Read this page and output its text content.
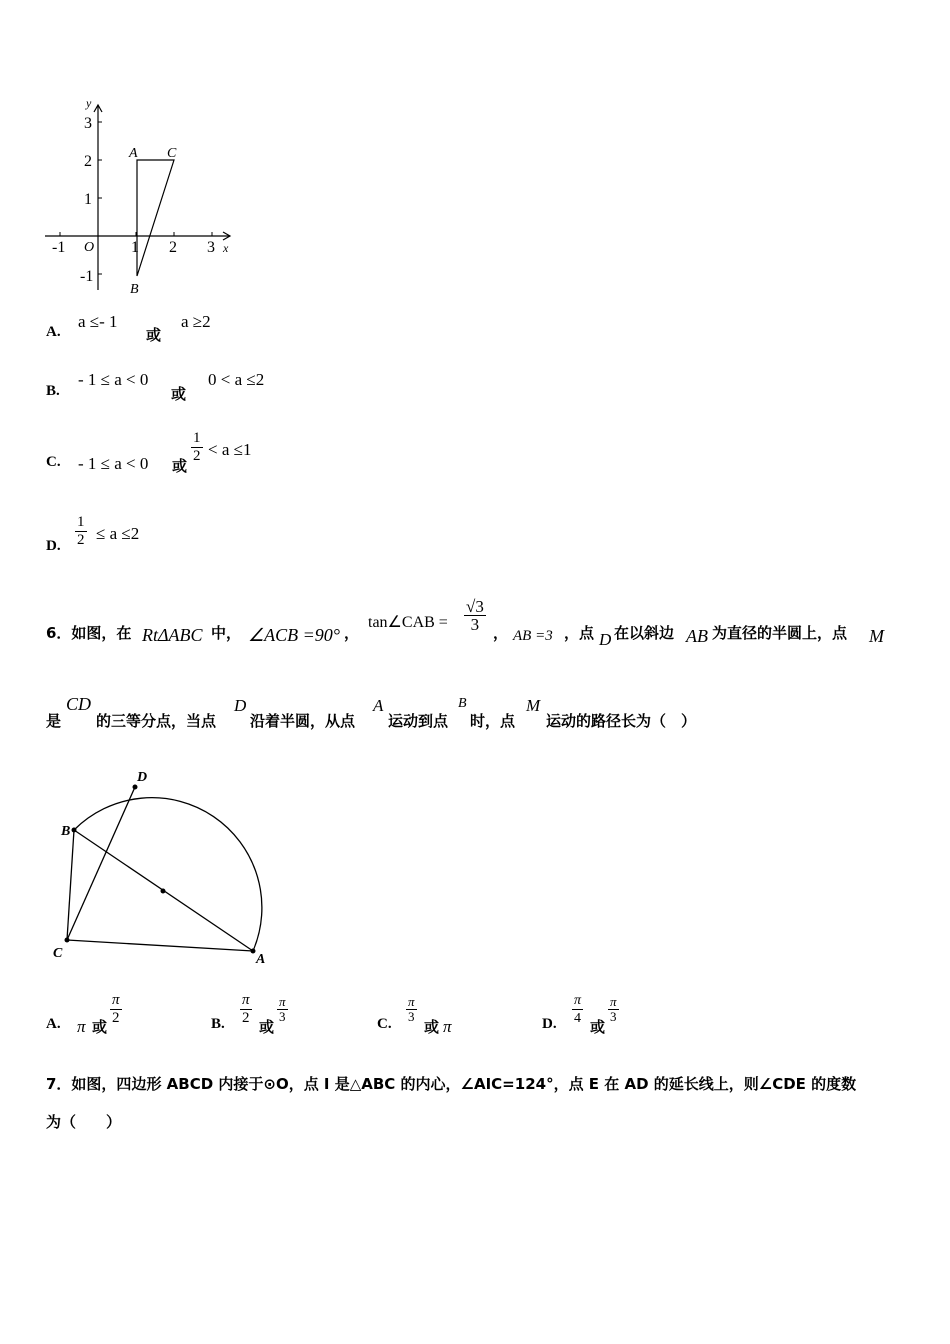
y
x
O
3
2
1
-1
-1	1 2 3
A C
B
A.
a ≤- 1
或
a ≥2
B.
- 1 ≤ a < 0
或
0 < a ≤2
C. - 1 ≤ a < 0 或
$\frac{1}{2} < a \le 1$
D. $\frac{1}{2} \le a \le 2$
6．如图，在 RtΔABC 中， ∠ACB =90° ，
tan∠CAB = $\frac{√3}{3}$ ， AB =3 ，点 D 在以斜边 AB 为直径的半圆上，点 M
是
CD
的三等分点，当点
D
沿着半圆，从点
A
运动到点
B
时，点
M
运动的路径长为（　）
D
B
C	A
A. π 或 $\frac{\pi}{2}$	B. $\frac{\pi}{2}$ 或
$\frac{\pi}{3}$	C. $\frac{\pi}{3}$
或 π	D. $\frac{\pi}{4}$ 或
$\frac{\pi}{3}$
7．如图，四边形 ABCD 内接于⊙O，点 I 是△ABC 的内心，∠AIC=124°，点 E 在 AD 的延长线上，则∠CDE 的度数
为（　　）
